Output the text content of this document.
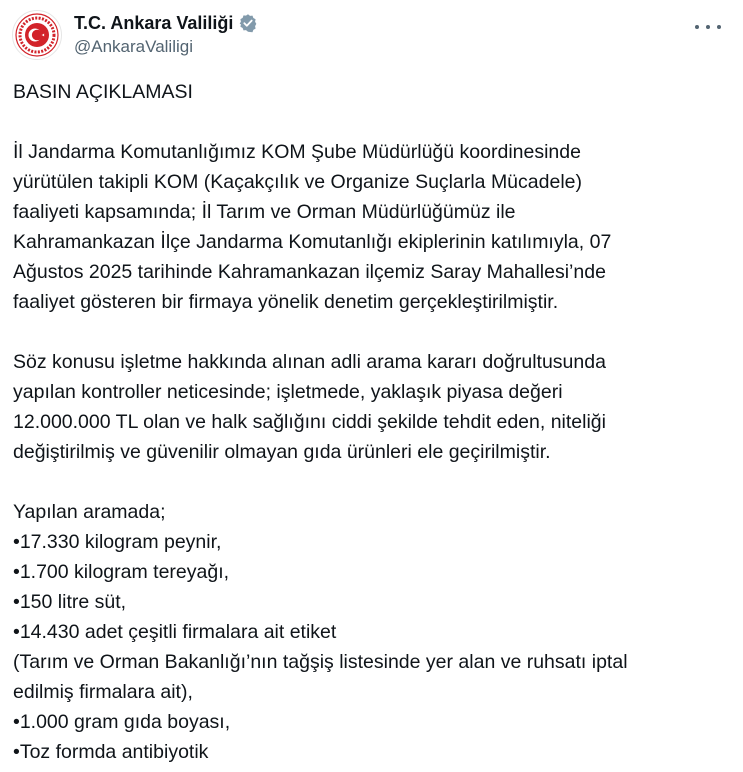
T.C. Ankara Valiliği
@AnkaraValiligi

BASIN AÇIKLAMASI

İl Jandarma Komutanlığımız KOM Şube Müdürlüğü koordinesinde
yürütülen takipli KOM (Kaçakçılık ve Organize Suçlarla Mücadele)
faaliyeti kapsamında; İl Tarım ve Orman Müdürlüğümüz ile
Kahramankazan İlçe Jandarma Komutanlığı ekiplerinin katılımıyla, 07
Ağustos 2025 tarihinde Kahramankazan ilçemiz Saray Mahallesi’nde
faaliyet gösteren bir firmaya yönelik denetim gerçekleştirilmiştir.

Söz konusu işletme hakkında alınan adli arama kararı doğrultusunda
yapılan kontroller neticesinde; işletmede, yaklaşık piyasa değeri
12.000.000 TL olan ve halk sağlığını ciddi şekilde tehdit eden, niteliği
değiştirilmiş ve güvenilir olmayan gıda ürünleri ele geçirilmiştir.

Yapılan aramada;
•17.330 kilogram peynir,
•1.700 kilogram tereyağı,
•150 litre süt,
•14.430 adet çeşitli firmalara ait etiket
(Tarım ve Orman Bakanlığı’nın tağşiş listesinde yer alan ve ruhsatı iptal
edilmiş firmalara ait),
•1.000 gram gıda boyası,
•Toz formda antibiyotik
